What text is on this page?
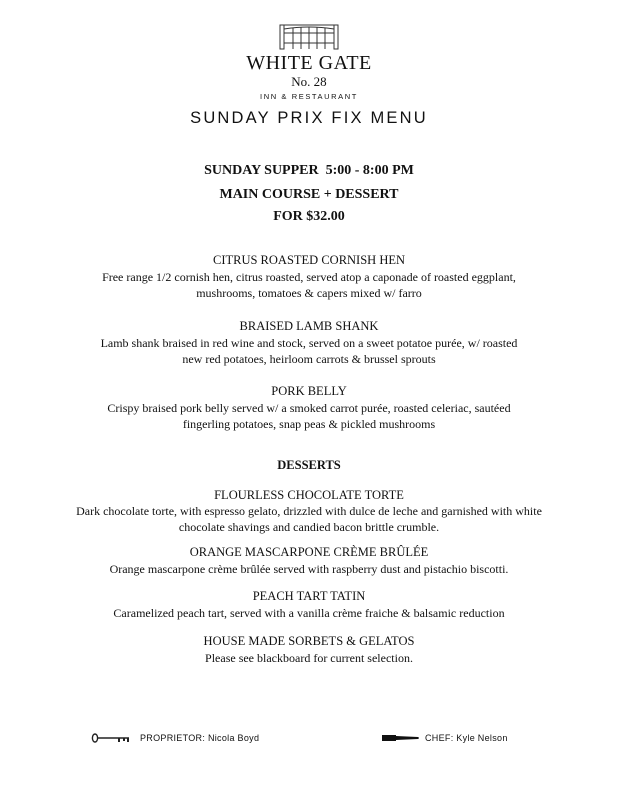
WHITE GATE
No. 28
INN & RESTAURANT
SUNDAY PRIX FIX MENU
SUNDAY SUPPER  5:00 - 8:00 PM
MAIN COURSE + DESSERT
FOR $32.00
CITRUS ROASTED CORNISH HEN
Free range 1/2 cornish hen, citrus roasted, served atop a caponade of roasted eggplant,
mushrooms, tomatoes & capers mixed w/ farro
BRAISED LAMB SHANK
Lamb shank braised in red wine and stock, served on a sweet potatoe purée, w/ roasted
new red potatoes, heirloom carrots & brussel sprouts
PORK BELLY
Crispy braised pork belly served w/ a smoked carrot purée, roasted celeriac, sautéed
fingerling potatoes, snap peas & pickled mushrooms
DESSERTS
FLOURLESS CHOCOLATE TORTE
Dark chocolate torte, with espresso gelato, drizzled with dulce de leche and garnished with white
chocolate shavings and candied bacon brittle crumble.
ORANGE MASCARPONE CRÈME BRÛLÉE
Orange mascarpone crème brûlée served with raspberry dust and pistachio biscotti.
PEACH TART TATIN
Caramelized peach tart, served with a vanilla crème fraiche & balsamic reduction
HOUSE MADE SORBETS & GELATOS
Please see blackboard for current selection.
PROPRIETOR: Nicola Boyd	CHEF: Kyle Nelson
